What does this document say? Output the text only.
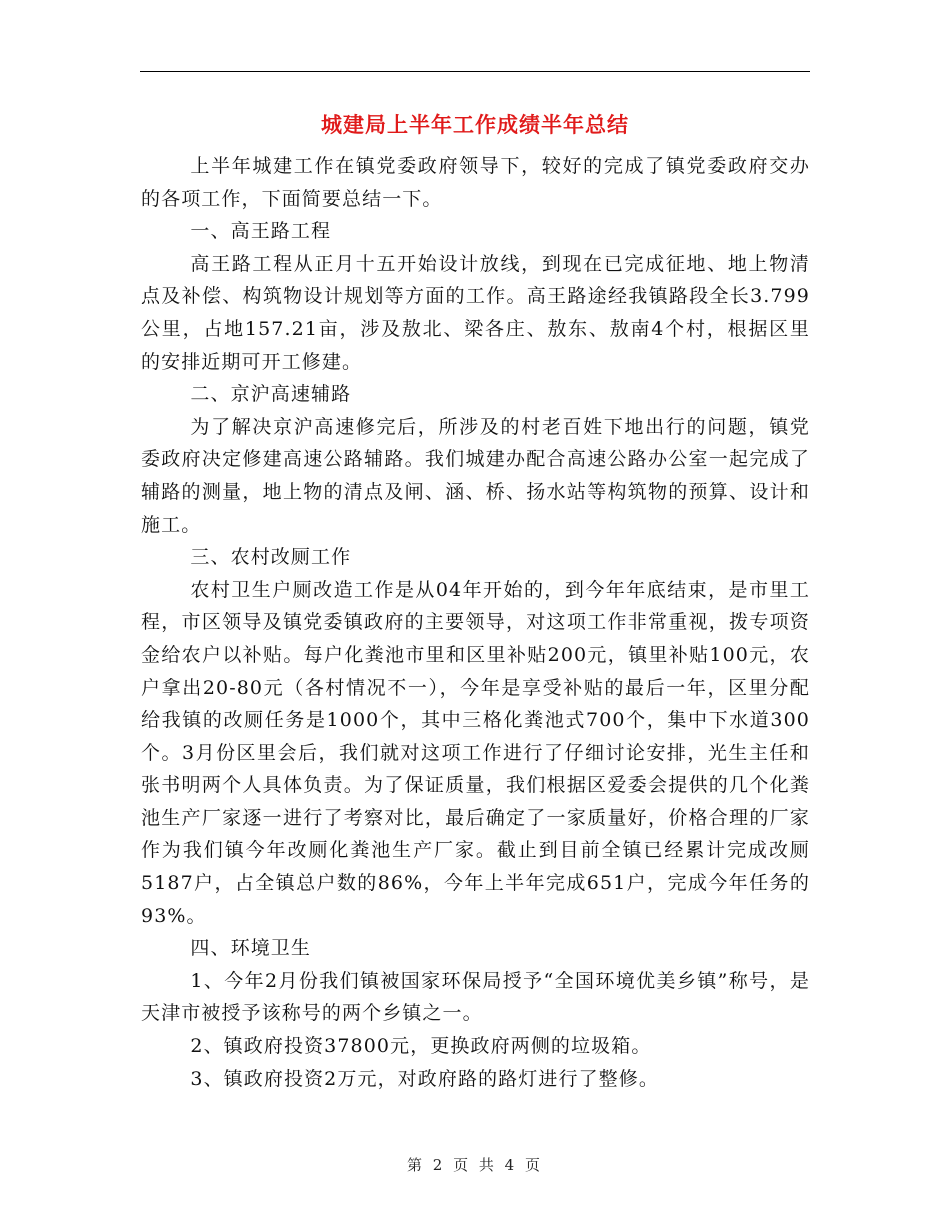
城建局上半年工作成绩半年总结

上半年城建工作在镇党委政府领导下，较好的完成了镇党委政府交办的各项工作，下面简要总结一下。

一、高王路工程

高王路工程从正月十五开始设计放线，到现在已完成征地、地上物清点及补偿、构筑物设计规划等方面的工作。高王路途经我镇路段全长3.799公里，占地157.21亩，涉及敖北、梁各庄、敖东、敖南4个村，根据区里的安排近期可开工修建。

二、京沪高速辅路

为了解决京沪高速修完后，所涉及的村老百姓下地出行的问题，镇党委政府决定修建高速公路辅路。我们城建办配合高速公路办公室一起完成了辅路的测量，地上物的清点及闸、涵、桥、扬水站等构筑物的预算、设计和施工。

三、农村改厕工作

农村卫生户厕改造工作是从04年开始的，到今年年底结束，是市里工程，市区领导及镇党委镇政府的主要领导，对这项工作非常重视，拨专项资金给农户以补贴。每户化粪池市里和区里补贴200元，镇里补贴100元，农户拿出20-80元（各村情况不一），今年是享受补贴的最后一年，区里分配给我镇的改厕任务是1000个，其中三格化粪池式700个，集中下水道300个。3月份区里会后，我们就对这项工作进行了仔细讨论安排，光生主任和张书明两个人具体负责。为了保证质量，我们根据区爱委会提供的几个化粪池生产厂家逐一进行了考察对比，最后确定了一家质量好，价格合理的厂家作为我们镇今年改厕化粪池生产厂家。截止到目前全镇已经累计完成改厕5187户，占全镇总户数的86%，今年上半年完成651户，完成今年任务的93%。

四、环境卫生

1、今年2月份我们镇被国家环保局授予“全国环境优美乡镇”称号，是天津市被授予该称号的两个乡镇之一。

2、镇政府投资37800元，更换政府两侧的垃圾箱。

3、镇政府投资2万元，对政府路的路灯进行了整修。

第 2 页 共 4 页
